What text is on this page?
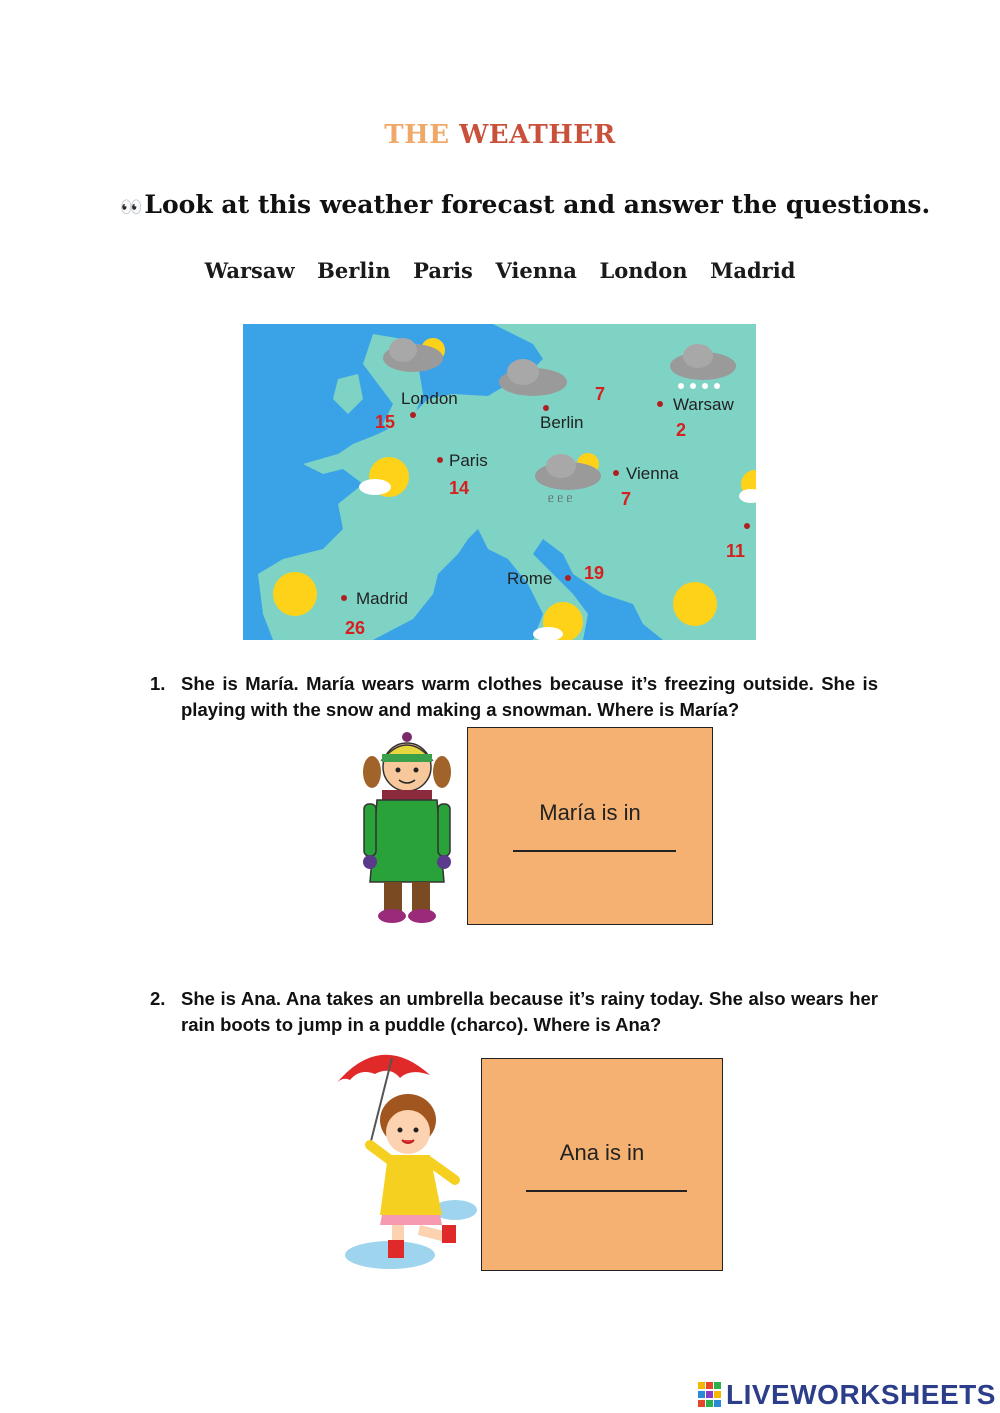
THE WEATHER
👀Look at this weather forecast and answer the questions.
Warsaw  Berlin  Paris  Vienna  London  Madrid
ᥱ ᥱ ᥱ
London
Berlin
Warsaw
Paris
Vienna
Rome
Madrid
15
7
2
14
7
19
26
11
1. She is María. María wears warm clothes because it’s freezing outside. She is playing with the snow and making a snowman. Where is María?
María is in
2. She is Ana. Ana takes an umbrella because it’s rainy today. She also wears her rain boots to jump in a puddle (charco). Where is Ana?
Ana is in
LIVEWORKSHEETS
